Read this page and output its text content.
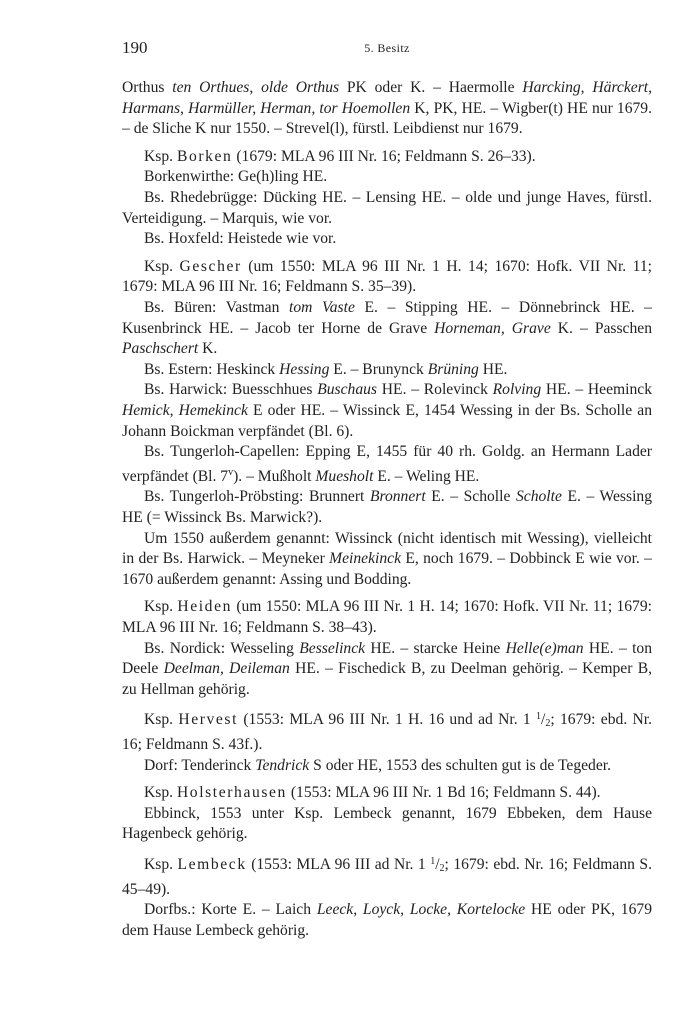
190	5. Besitz

Orthus ten Orthues, olde Orthus PK oder K. – Haermolle Harcking, Härckert, Harmans, Harmüller, Herman, tor Hoemollen K, PK, HE. – Wigber(t) HE nur 1679. – de Sliche K nur 1550. – Strevel(l), fürstl. Leibdienst nur 1679.

Ksp. Borken (1679: MLA 96 III Nr. 16; Feldmann S. 26–33).

Borkenwirthe: Ge(h)ling HE.

Bs. Rhedebrügge: Dücking HE. – Lensing HE. – olde und junge Haves, fürstl. Verteidigung. – Marquis, wie vor.

Bs. Hoxfeld: Heistede wie vor.

Ksp. Gescher (um 1550: MLA 96 III Nr. 1 H. 14; 1670: Hofk. VII Nr. 11; 1679: MLA 96 III Nr. 16; Feldmann S. 35–39).

Bs. Büren: Vastman tom Vaste E. – Stipping HE. – Dönnebrinck HE. – Kusenbrinck HE. – Jacob ter Horne de Grave Horneman, Grave K. – Passchen Paschschert K.

Bs. Estern: Heskinck Hessing E. – Brunynck Brüning HE.

Bs. Harwick: Buesschhues Buschaus HE. – Rolevinck Rolving HE. – Heeminck Hemick, Hemekinck E oder HE. – Wissinck E, 1454 Wessing in der Bs. Scholle an Johann Boickman verpfändet (Bl. 6).

Bs. Tungerloh-Capellen: Epping E, 1455 für 40 rh. Goldg. an Hermann Lader verpfändet (Bl. 7$^v$). – Mußholt Muesholt E. – Weling HE.

Bs. Tungerloh-Pröbsting: Brunnert Bronnert E. – Scholle Scholte E. – Wessing HE (= Wissinck Bs. Marwick?).

Um 1550 außerdem genannt: Wissinck (nicht identisch mit Wessing), vielleicht in der Bs. Harwick. – Meyneker Meinekinck E, noch 1679. – Dobbinck E wie vor. – 1670 außerdem genannt: Assing und Bodding.

Ksp. Heiden (um 1550: MLA 96 III Nr. 1 H. 14; 1670: Hofk. VII Nr. 11; 1679: MLA 96 III Nr. 16; Feldmann S. 38–43).

Bs. Nordick: Wesseling Besselinck HE. – starcke Heine Helle(e)man HE. – ton Deele Deelman, Deileman HE. – Fischedick B, zu Deelman gehörig. – Kemper B, zu Hellman gehörig.

Ksp. Hervest (1553: MLA 96 III Nr. 1 H. 16 und ad Nr. 1 $^1/_2$; 1679: ebd. Nr. 16; Feldmann S. 43f.).

Dorf: Tenderinck Tendrick S oder HE, 1553 des schulten gut is de Tegeder.

Ksp. Holsterhausen (1553: MLA 96 III Nr. 1 Bd 16; Feldmann S. 44).

Ebbinck, 1553 unter Ksp. Lembeck genannt, 1679 Ebbeken, dem Hause Hagenbeck gehörig.

Ksp. Lembeck (1553: MLA 96 III ad Nr. 1 $^1/_2$; 1679: ebd. Nr. 16; Feldmann S. 45–49).

Dorfbs.: Korte E. – Laich Leeck, Loyck, Locke, Kortelocke HE oder PK, 1679 dem Hause Lembeck gehörig.
